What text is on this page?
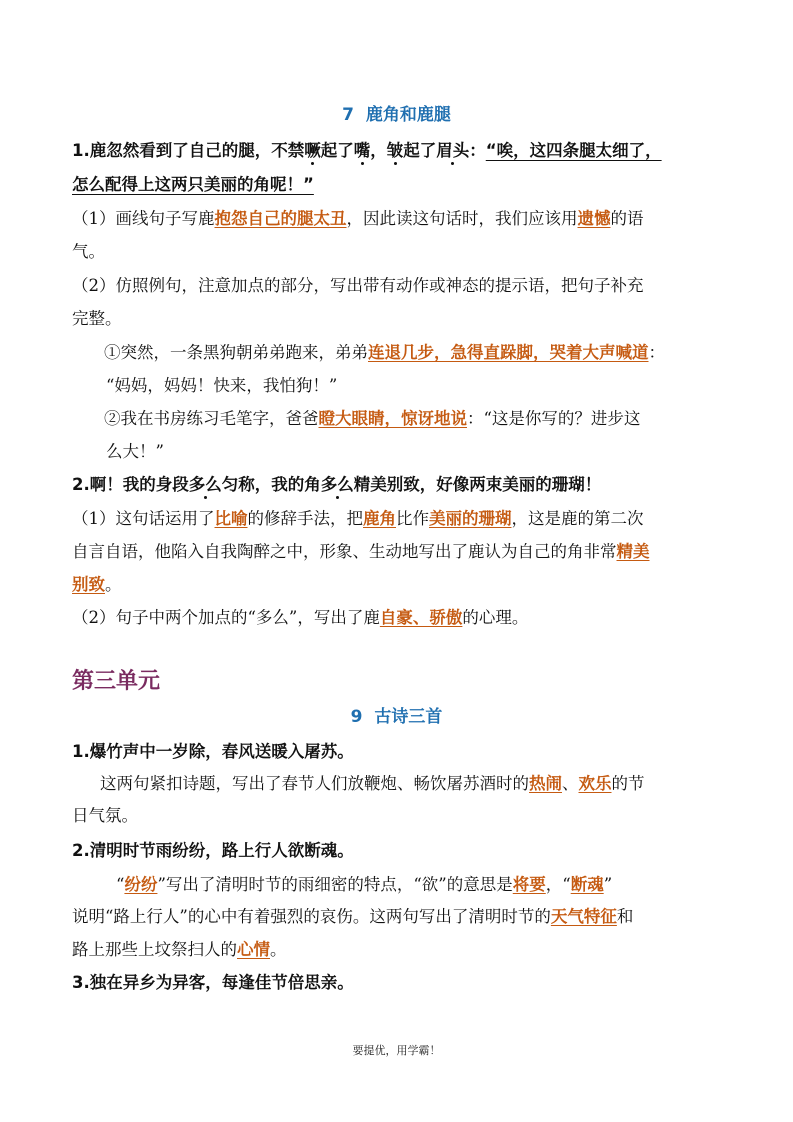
7 鹿角和鹿腿
1.鹿忽然看到了自己的腿，不禁噘起了嘴，皱起了眉头：“唉，这四条腿太细了，
怎么配得上这两只美丽的角呢！”
（1）画线句子写鹿抱怨自己的腿太丑，因此读这句话时，我们应该用遗憾的语
气。
（2）仿照例句，注意加点的部分，写出带有动作或神态的提示语，把句子补充
完整。
①突然，一条黑狗朝弟弟跑来，弟弟连退几步，急得直跺脚，哭着大声喊道：
“妈妈，妈妈！快来，我怕狗！”
②我在书房练习毛笔字，爸爸瞪大眼睛，惊讶地说：“这是你写的？进步这
么大！”
2.啊！我的身段多么匀称，我的角多么精美别致，好像两束美丽的珊瑚！
（1）这句话运用了比喻的修辞手法，把鹿角比作美丽的珊瑚，这是鹿的第二次
自言自语，他陷入自我陶醉之中，形象、生动地写出了鹿认为自己的角非常精美
别致。
（2）句子中两个加点的“多么”，写出了鹿自豪、骄傲的心理。
第三单元
9 古诗三首
1.爆竹声中一岁除，春风送暖入屠苏。
这两句紧扣诗题，写出了春节人们放鞭炮、畅饮屠苏酒时的热闹、欢乐的节
日气氛。
2.清明时节雨纷纷，路上行人欲断魂。
“纷纷”写出了清明时节的雨细密的特点，“欲”的意思是将要，“断魂”
说明“路上行人”的心中有着强烈的哀伤。这两句写出了清明时节的天气特征和
路上那些上坟祭扫人的心情。
3.独在异乡为异客，每逢佳节倍思亲。
要提优，用学霸！
